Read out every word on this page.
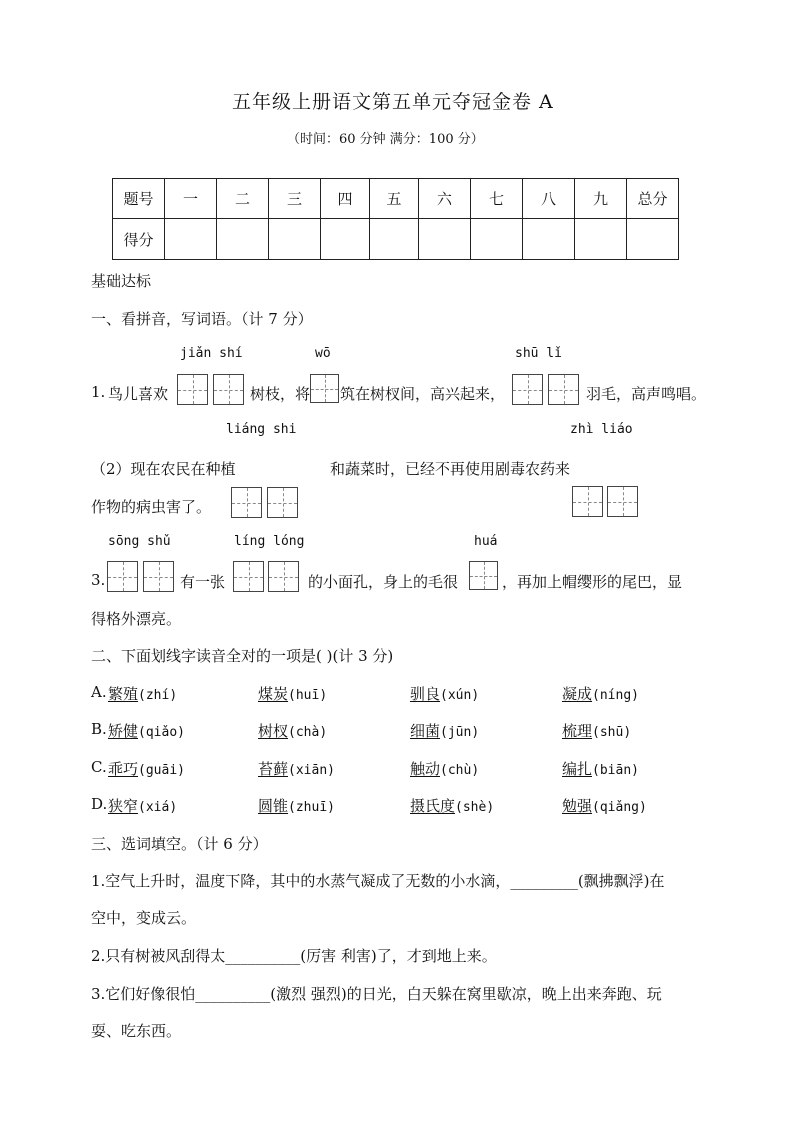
五年级上册语文第五单元夺冠金卷 A
（时间：60 分钟 满分：100 分）
题号	一	二	三	四	五	六	七	八	九	总分
得分										
基础达标
一、看拼音，写词语。（计 7 分）
jiǎn shí	wō	shū lǐ
1. 鸟儿喜欢	树枝，将 筑在树杈间，高兴起来，	羽毛，高声鸣唱。
liáng shi	zhì liáo
（2）现在农民在种植	和蔬菜时，已经不再使用剧毒农药来
作物的病虫害了。
sōng shǔ	líng lóng	huá
3.	有一张	的小面孔，身上的毛很	，再加上帽缨形的尾巴，显
得格外漂亮。
二、下面划线字读音全对的一项是( )(计 3 分)
A. 繁殖(zhí)	煤炭(huī)	驯良(xún)	凝成(níng)
B. 矫健(qiǎo)	树杈(chà)	细菌(jūn)	梳理(shū)
C. 乖巧(guāi)	苔藓(xiān)	触动(chù)	编扎(biān)
D. 狭窄(xiá)	圆锥(zhuī)	摄氏度(shè)	勉强(qiǎng)
三、选词填空。（计 6 分）
1.空气上升时，温度下降，其中的水蒸气凝成了无数的小水滴，_________(飘拂飘浮)在
空中，变成云。
2.只有树被风刮得太__________(厉害 利害)了，才到地上来。
3.它们好像很怕__________(激烈 强烈)的日光，白天躲在窝里歇凉，晚上出来奔跑、玩
耍、吃东西。
